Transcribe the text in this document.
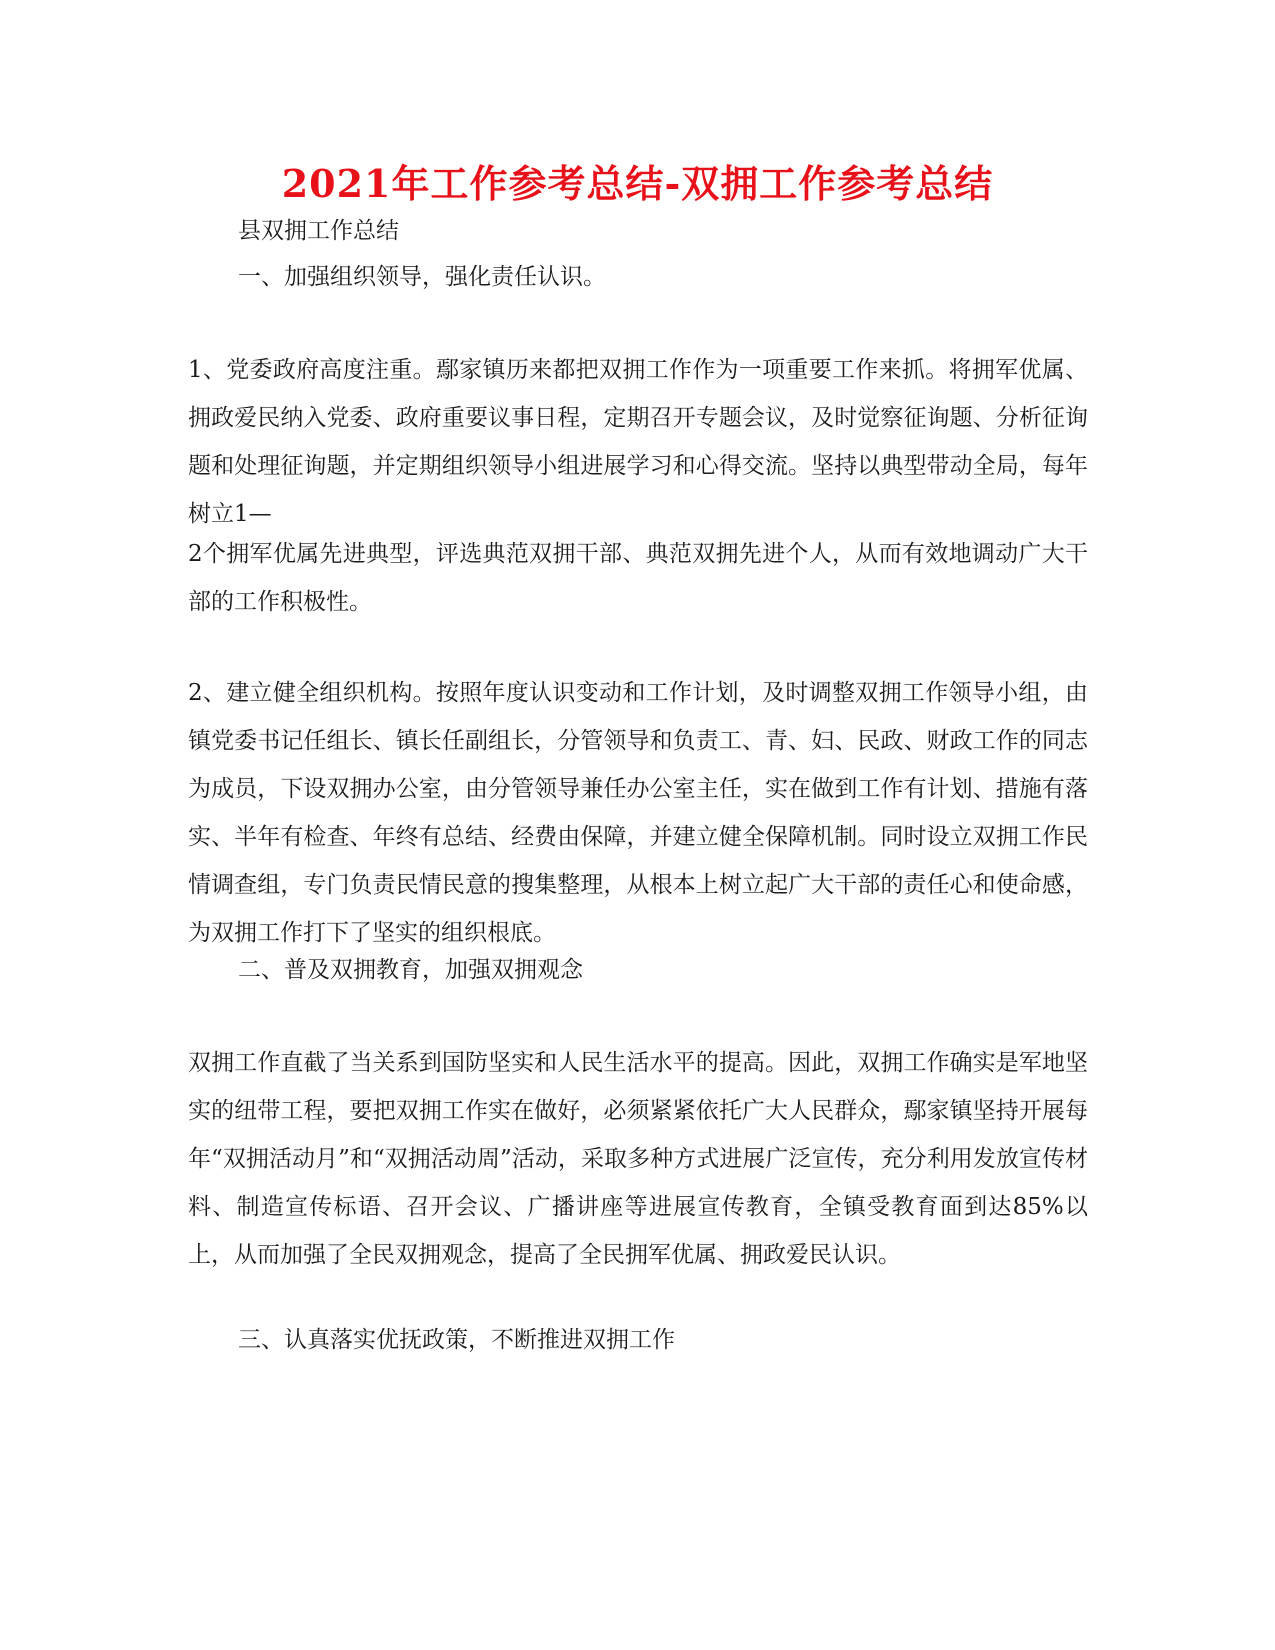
2021年工作参考总结-双拥工作参考总结

县双拥工作总结

一、加强组织领导，强化责任认识。

1、党委政府高度注重。鄢家镇历来都把双拥工作作为一项重要工作来抓。将拥军优属、拥政爱民纳入党委、政府重要议事日程，定期召开专题会议，及时觉察征询题、分析征询题和处理征询题，并定期组织领导小组进展学习和心得交流。坚持以典型带动全局，每年树立1—

2个拥军优属先进典型，评选典范双拥干部、典范双拥先进个人，从而有效地调动广大干部的工作积极性。

2、建立健全组织机构。按照年度认识变动和工作计划，及时调整双拥工作领导小组，由镇党委书记任组长、镇长任副组长，分管领导和负责工、青、妇、民政、财政工作的同志为成员，下设双拥办公室，由分管领导兼任办公室主任，实在做到工作有计划、措施有落实、半年有检查、年终有总结、经费由保障，并建立健全保障机制。同时设立双拥工作民情调查组，专门负责民情民意的搜集整理，从根本上树立起广大干部的责任心和使命感，为双拥工作打下了坚实的组织根底。

二、普及双拥教育，加强双拥观念

双拥工作直截了当关系到国防坚实和人民生活水平的提高。因此，双拥工作确实是军地坚实的纽带工程，要把双拥工作实在做好，必须紧紧依托广大人民群众，鄢家镇坚持开展每年“双拥活动月”和“双拥活动周”活动，采取多种方式进展广泛宣传，充分利用发放宣传材料、制造宣传标语、召开会议、广播讲座等进展宣传教育，全镇受教育面到达85%以上，从而加强了全民双拥观念，提高了全民拥军优属、拥政爱民认识。

三、认真落实优抚政策，不断推进双拥工作
